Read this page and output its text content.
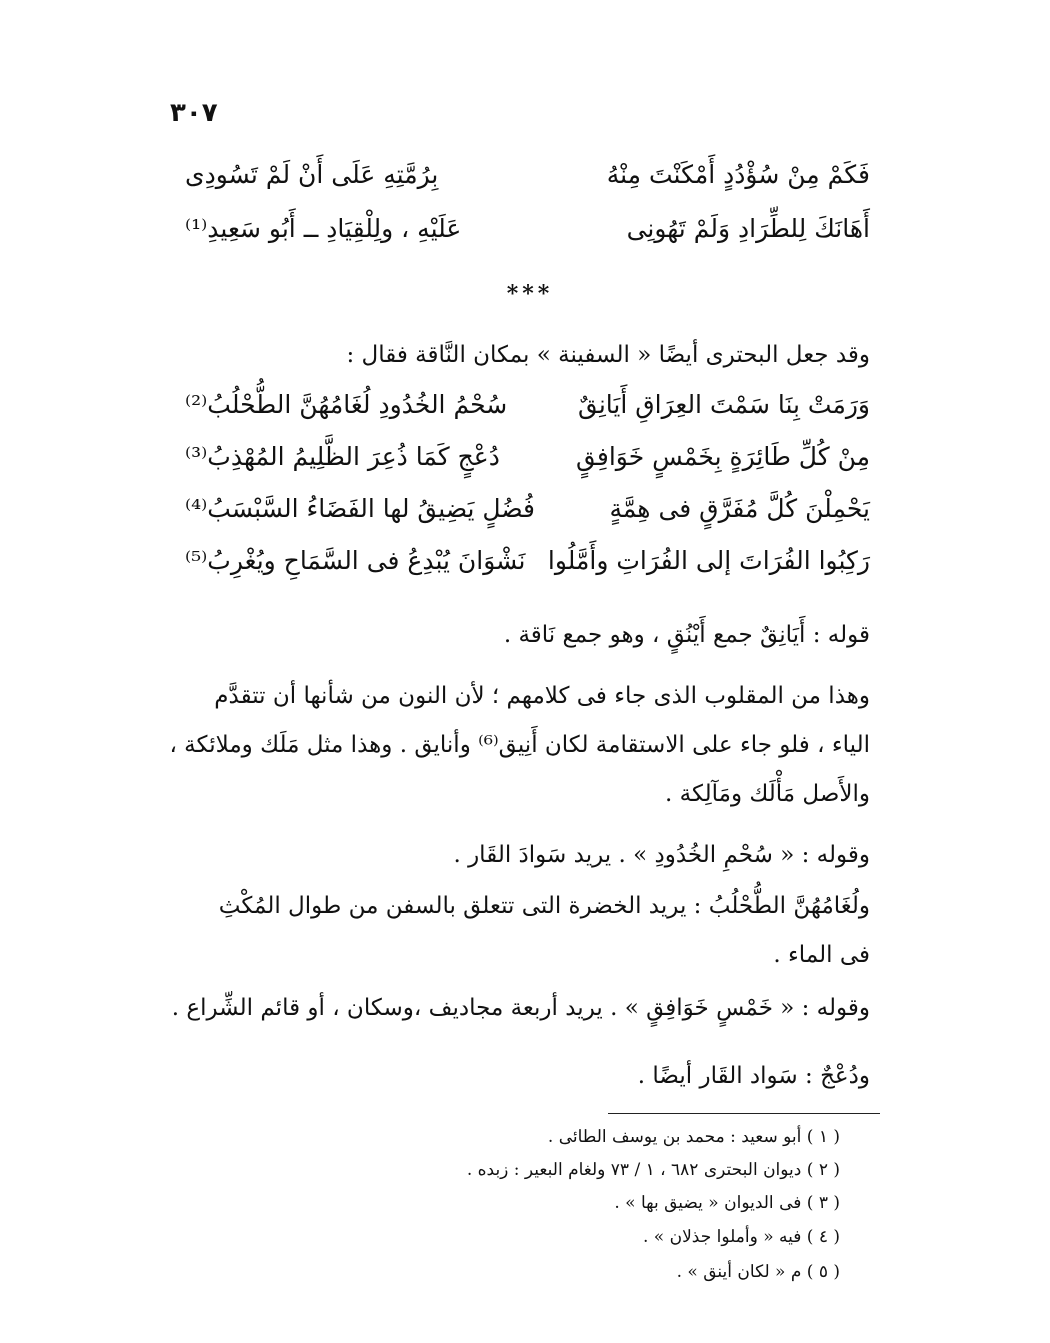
٣٠٧
فَكَمْ مِنْ سُؤْدُدٍ أَمْكَنْتَ مِنْهُ
بِرُمَّتِهِ عَلَى أَنْ لَمْ تَسُودِى
أَهَانَكَ لِلطِّرَادِ وَلَمْ تَهُونِى
عَلَيْهِ ، ولِلْقِيَادِ ــ أَبُو سَعِيدِ⁽¹⁾
***
وقد جعل البحترى أيضًا « السفينة » بمكان النَّاقة فقال :
وَرَمَتْ بِنَا سَمْتَ العِرَاقِ أَيَانِقٌ
سُحْمُ الخُدُودِ لُغَامُهُنَّ الطُّحْلُبُ⁽²⁾
مِنْ كُلِّ طَائِرَةٍ بِخَمْسٍ خَوَافِقٍ
دُعْجٍ كَمَا ذُعِرَ الظَّلِيمُ المُهْذِبُ⁽³⁾
يَحْمِلْنَ كُلَّ مُفَرَّقٍ فى هِمَّةٍ
فُضُلٍ يَضِيقُ لها الفَضَاءُ السَّبْسَبُ⁽⁴⁾
رَكِبُوا الفُرَاتَ إلى الفُرَاتِ وأَمَّلُوا
نَشْوَانَ يُبْدِعُ فى السَّمَاحِ ويُغْرِبُ⁽⁵⁾
قوله : أَيَانِقٌ جمع أَيْنُقٍ ، وهو جمع نَاقة .
وهذا من المقلوب الذى جاء فى كلامهم ؛ لأن النون من شأنها أن تتقدَّم
الياء ، فلو جاء على الاستقامة لكان أَنِيق⁽⁶⁾ وأنايق . وهذا مثل مَلَك وملائكة ،
والأَصل مَأْلَك ومَآلِكة .
وقوله : « سُحْمِ الخُدُودِ » . يريد سَوادَ القَار .
ولُغَامُهُنَّ الطُّحْلُبُ : يريد الخضرة التى تتعلق بالسفن من طوال المُكْثِ
فى الماء .
وقوله : « خَمْسٍ خَوَافِقٍ » . يريد أربعة مجاديف ،وسكان ، أو قائم الشِّراع .
ودُعْجٌ : سَواد القَار أيضًا .
( ١ ) أبو سعيد : محمد بن يوسف الطائى .
( ٢ ) ديوان البحترى ٦٨٢ ، ١ / ٧٣ ولغام البعير : زبده .
( ٣ ) فى الديوان « يضيق بها » .
( ٤ ) فيه « وأملوا جذلان » .
( ٥ ) م « لكان أينق » .
